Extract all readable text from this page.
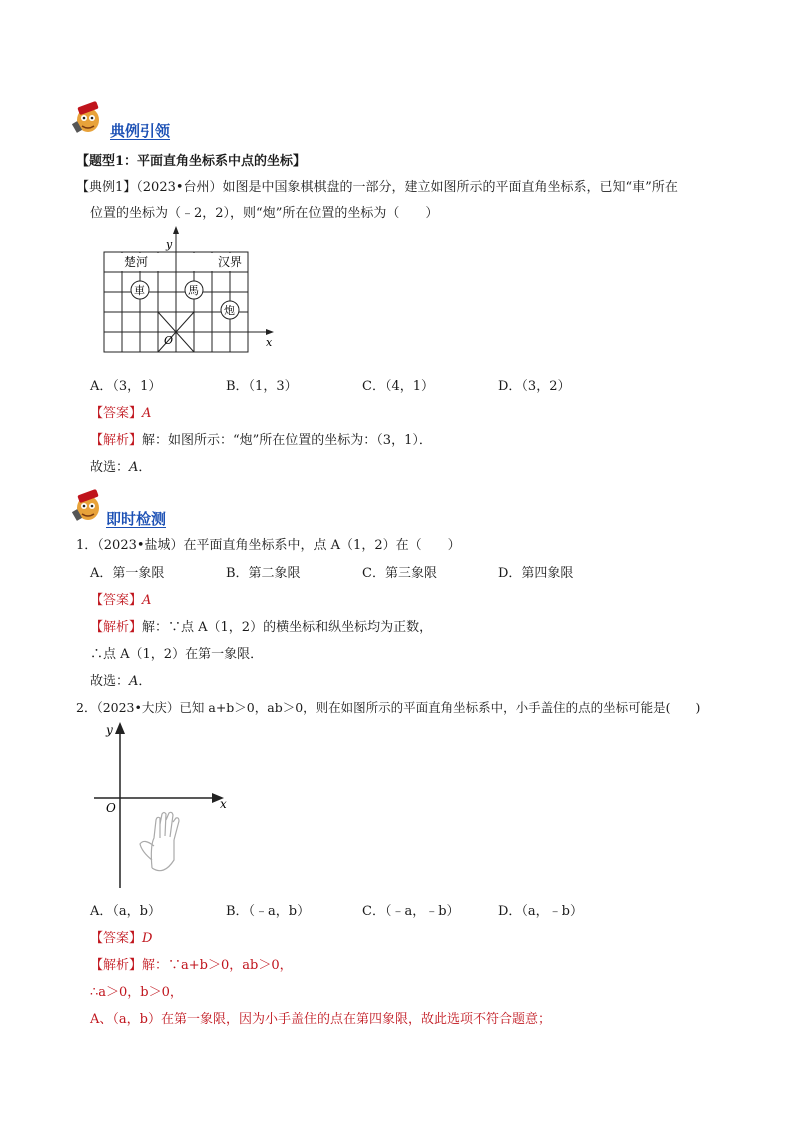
典例引领
【题型1：平面直角坐标系中点的坐标】
【典例1】（2023•台州）如图是中国象棋棋盘的一部分，建立如图所示的平面直角坐标系，已知“車”所在
位置的坐标为（﹣2，2），则“炮”所在位置的坐标为（　　）
楚河	汉界
車	馬
炮
y
x
O
A．（3，1）	B．（1，3）	C．（4，1）	D．（3，2）
【答案】A
【解析】解：如图所示：“炮”所在位置的坐标为：（3，1）．
故选：A．
即时检测
1．（2023•盐城）在平面直角坐标系中，点 A（1，2）在（　　）
A．第一象限	B．第二象限	C．第三象限	D．第四象限
【答案】A
【解析】解：∵点 A（1，2）的横坐标和纵坐标均为正数，
∴点 A（1，2）在第一象限．
故选：A．
2．（2023•大庆）已知 a+b＞0，ab＞0，则在如图所示的平面直角坐标系中，小手盖住的点的坐标可能是(　　)
y
x
O
A．（a，b）	B．（﹣a，b）	C．（﹣a，﹣b）	D．（a，﹣b）
【答案】D
【解析】解：∵a+b＞0，ab＞0，
∴a＞0，b＞0，
A、（a，b）在第一象限，因为小手盖住的点在第四象限，故此选项不符合题意；
